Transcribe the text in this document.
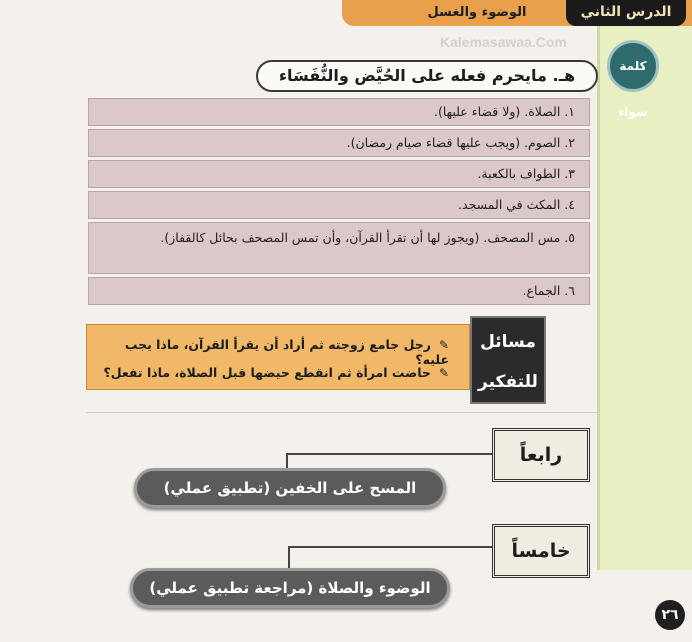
الدرس الثاني
الوضوء والغسل
Kalemasawaa.Com
كلمة سواء
هـ. مايحرم فعله على الحُيَّض والنُّفَسَاء
١. الصلاة. (ولا قضاء عليها).
٢. الصوم. (ويجب عليها قضاء صيام رمضان).
٣. الطواف بالكعبة.
٤. المكث في المسجد.
٥. مس المصحف. (ويجوز لها أن تقرأ القرآن، وأن تمس المصحف بحائل كالقفاز).
٦. الجماع.
✎رجل جامع زوجته ثم أراد أن يقرأ القرآن، ماذا يجب عليه؟
✎حاضت امرأة ثم انقطع حيضها قبل الصلاة، ماذا تفعل؟
مسائل للتفكير
رابعاً
المسح على الخفين (تطبيق عملي)
خامساً
الوضوء والصلاة (مراجعة تطبيق عملي)
٢٦
